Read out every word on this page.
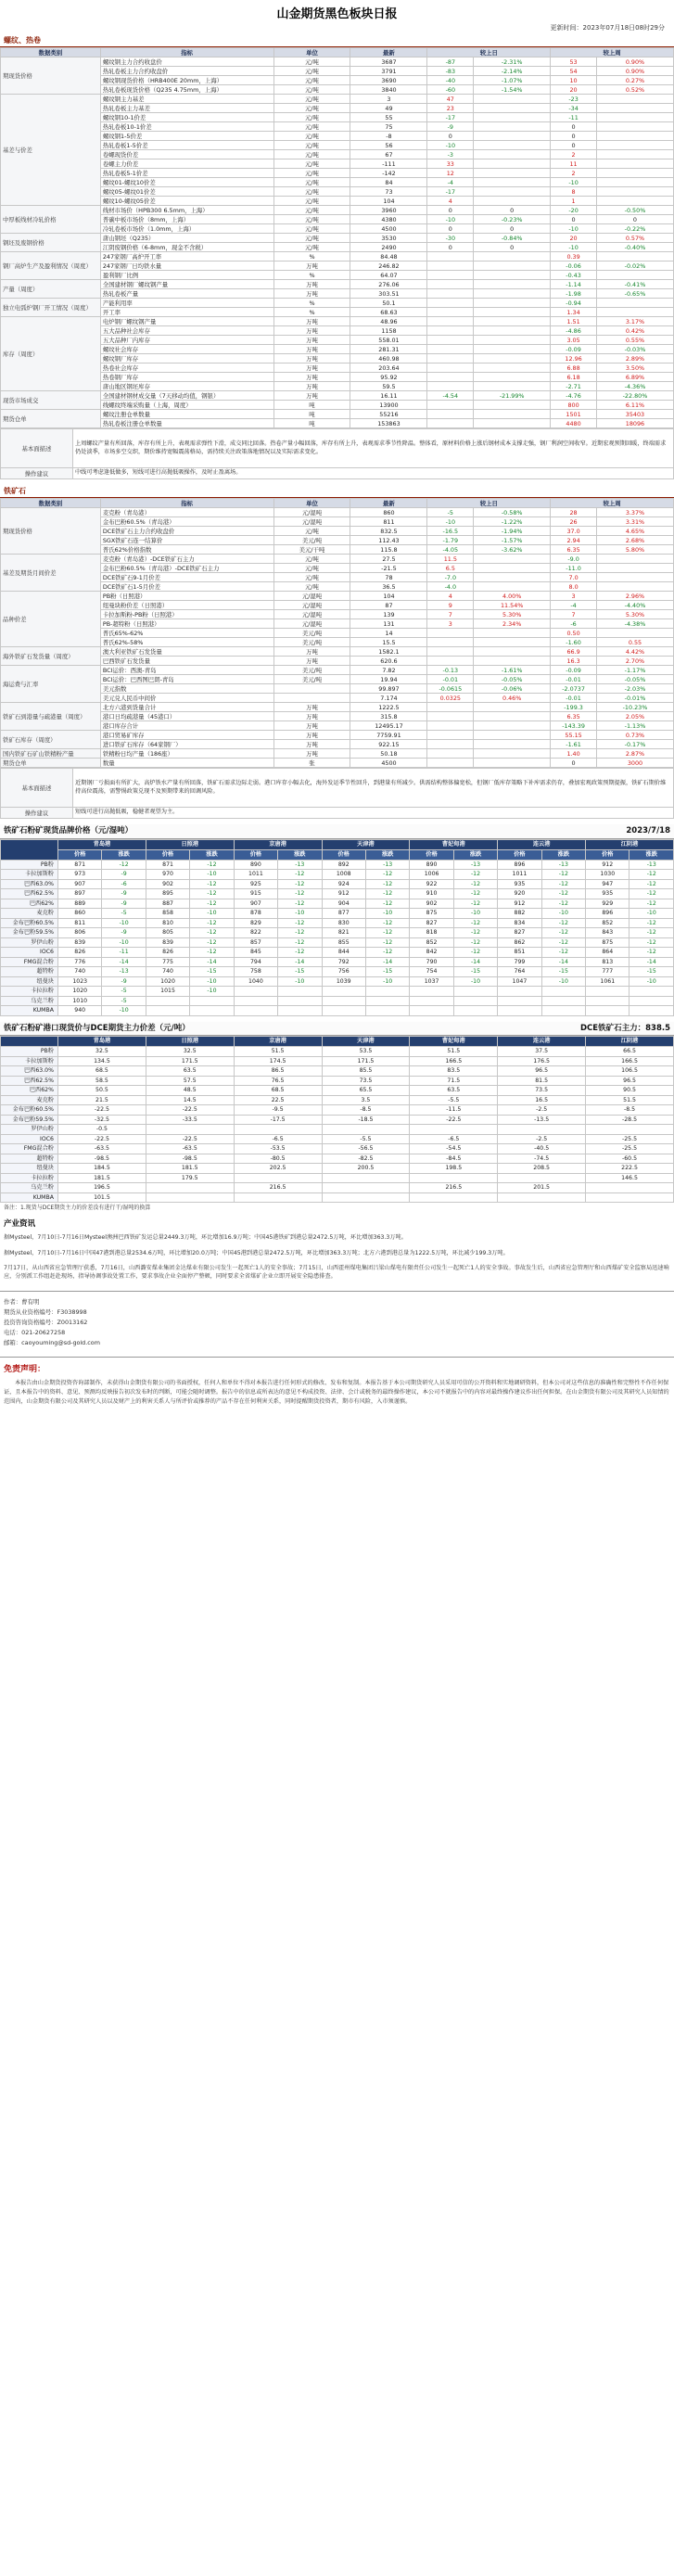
山金期货黑色板块日报
更新时间：2023年07月18日08时29分
螺纹、热卷
数据类别	指标	单位	最新	较上日		较上周	
期现货价格	螺纹钢主力合约收盘价	元/吨	3687	-87	-2.31%	53	0.90%
	热轧卷板主力合约收盘价	元/吨	3791	-83	-2.14%	54	0.90%
	螺纹钢现货价格（HRB400E 20mm，上海）	元/吨	3690	-40	-1.07%	10	0.27%
	热轧卷板现货价格（Q235 4.75mm，上海）	元/吨	3840	-60	-1.54%	20	0.52%
基差与价差	螺纹钢主力基差	元/吨	3	47		-23	
	热轧卷板主力基差	元/吨	49	23		-34	
	螺纹钢10-1价差	元/吨	55	-17		-11	
	热轧卷板10-1价差	元/吨	75	-9		0	
	螺纹钢1-5价差	元/吨	-8	0		0	
	热轧卷板1-5价差	元/吨	56	-10		0	
	卷螺现货价差	元/吨	67	-3		2	
	卷螺主力价差	元/吨	-111	33		11	
	热轧卷板5-1价差	元/吨	-142	12		2	
	螺纹01-螺纹10价差	元/吨	84	-4		-10	
	螺纹05-螺纹01价差	元/吨	73	-17		8	
	螺纹10-螺纹05价差	元/吨	104	4		1	
中厚板线材冷轧价格	线材市场价（HPB300 6.5mm，上海）	元/吨	3960	0	0	-20	-0.50%
	普碳中板市场价（8mm，上海）	元/吨	4380	-10	-0.23%	0	0
	冷轧卷板市场价（1.0mm，上海）	元/吨	4500	0	0	-10	-0.22%
钢坯及废钢价格	唐山钢坯（Q235）	元/吨	3530	-30	-0.84%	20	0.57%
	江阴废钢价格（6-8mm，现金不含税）	元/吨	2490	0	0	-10	-0.40%
钢厂高炉生产及盈利情况（周度）	247家钢厂高炉开工率	%	84.48			0.39	
	247家钢厂日均铁水量	万吨	246.82			-0.06	-0.02%
	盈利钢厂比例	%	64.07			-0.43	
产量（周度）	全国建材钢厂螺纹钢产量	万吨	276.06			-1.14	-0.41%
	热轧卷板产量	万吨	303.51			-1.98	-0.65%
独立电弧炉钢厂开工情况（周度）	产能利用率	%	50.1			-0.94	
	开工率	%	68.63			1.34	
库存（周度）	电炉钢厂螺纹钢产量	万吨	48.96			1.51	3.17%
	五大品种社会库存	万吨	1158			-4.86	0.42%
	五大品种厂内库存	万吨	558.01			3.05	0.55%
	螺纹社会库存	万吨	281.31			-0.09	-0.03%
	螺纹钢厂库存	万吨	460.98			12.96	2.89%
	热卷社会库存	万吨	203.64			6.88	3.50%
	热卷钢厂库存	万吨	95.92			6.18	6.89%
	唐山地区钢坯库存	万吨	59.5			-2.71	-4.36%
现货市场成交	全国建材钢材成交量（7天移动均值，钢银）	万吨	16.11	-4.54	-21.99%	-4.76	-22.80%
	线螺纹终端采购量（上海，周度）	吨	13900			800	6.11%
期货仓单	螺纹注册仓单数量	吨	55216			1501	35403
	热轧卷板注册仓单数量	吨	153863			4480	18096
基本面描述	上周螺纹产量有所回落，库存有所上升，表观需求弹性下滑，成交同比回落。热卷产量小幅回落，库存有所上升，表观需求季节性降温。整体看，原材料价格上涨后钢材成本支撑走强，钢厂利润空间收窄。近期宏观预期回暖，终端需求仍处淡季，市场多空交织，期价维持宽幅震荡格局，需持续关注政策落地情况以及实际需求变化。
操作建议	中线可考虑逢低做多，短线可进行高抛低吸操作，及时止盈离场。
铁矿石
数据类别	指标	单位	最新	较上日		较上周	
期现货价格	麦克粉（青岛港）	元/湿吨	860	-5	-0.58%	28	3.37%
	金布巴粉60.5%（青岛港）	元/湿吨	811	-10	-1.22%	26	3.31%
	DCE铁矿石主力合约收盘价	元/吨	832.5	-16.5	-1.94%	37.0	4.65%
	SGX铁矿石连一结算价	美元/吨	112.43	-1.79	-1.57%	2.94	2.68%
	普氏62%价格指数	美元/干吨	115.8	-4.05	-3.62%	6.35	5.80%
基差及期货月间价差	麦克粉（青岛港）-DCE铁矿石主力	元/吨	27.5	11.5		-9.0	
	金布巴粉60.5%（青岛港）-DCE铁矿石主力	元/吨	-21.5	6.5		-11.0	
	DCE铁矿石9-1月价差	元/吨	78	-7.0		7.0	
	DCE铁矿石1-5月价差	元/吨	36.5	-4.0		8.0	
品种价差	PB粉（日照港）	元/湿吨	104	4	4.00%	3	2.96%
	纽曼块粉价差（日照港）	元/湿吨	87	9	11.54%	-4	-4.40%
	卡拉加斯粉-PB粉（日照港）	元/湿吨	139	7	5.30%	7	5.30%
	PB-超特粉（日照港）	元/湿吨	131	3	2.34%	-6	-4.38%
	普氏65%-62%	美元/吨	14			0.50	
	普氏62%-58%	美元/吨	15.5			-1.60	0.55
海外铁矿石发货量（周度）	澳大利亚铁矿石发货量	万吨	1582.1			66.9	4.42%
	巴西铁矿石发货量	万吨	620.6			16.3	2.70%
海运费与汇率	BCI运价：西澳-青岛	美元/吨	7.82	-0.13	-1.61%	-0.09	-1.17%
	BCI运价：巴西图巴朗-青岛	美元/吨	19.94	-0.01	-0.05%	-0.01	-0.05%
	美元指数		99.897	-0.0615	-0.06%	-2.0737	-2.03%
	美元兑人民币中间价		7.174	0.0325	0.46%	-0.01	-0.01%
铁矿石到港量与疏港量（周度）	北方六港到货量合计	万吨	1222.5			-199.3	-10.23%
	港口日均疏港量（45港口）	万吨	315.8			6.35	2.05%
	港口库存合计	万吨	12495.17			-143.39	-1.13%
铁矿石库存（周度）	港口贸易矿库存	万吨	7759.91			55.15	0.73%
	进口铁矿石库存（64家钢厂）	万吨	922.15			-1.61	-0.17%
国内铁矿石矿山铁精粉产量	铁精粉日均产量（186座）	万吨	50.18			1.40	2.87%
期货仓单	数量	张	4500			0	3000
基本面描述	近期钢厂亏损面有所扩大，高炉铁水产量有所回落，铁矿石需求边际走弱。港口库存小幅去化，海外发运季节性回升，到港量有所减少。供需结构整体偏宽松，但钢厂低库存策略下补库需求仍存，叠加宏观政策预期提振，铁矿石期价维持高位震荡，需警惕政策兑现不及预期带来的回调风险。
操作建议	短线可进行高抛低吸，稳健者观望为主。
铁矿石粉矿现货品牌价格（元/湿吨）	2023/7/18
	青岛港		日照港		京唐港		天津港		曹妃甸港		连云港		江阴港	
	价格	涨跌	价格	涨跌	价格	涨跌	价格	涨跌	价格	涨跌	价格	涨跌	价格	涨跌
PB粉	871	-12	871	-12	890	-13	892	-13	890	-13	896	-13	912	-13
卡拉加斯粉	973	-9	970	-10	1011	-12	1008	-12	1006	-12	1011	-12	1030	-12
巴西63.0%	907	-6	902	-12	925	-12	924	-12	922	-12	935	-12	947	-12
巴西62.5%	897	-9	895	-12	915	-12	912	-12	910	-12	920	-12	935	-12
巴西62%	889	-9	887	-12	907	-12	904	-12	902	-12	912	-12	929	-12
麦克粉	860	-5	858	-10	878	-10	877	-10	875	-10	882	-10	896	-10
金布巴粉60.5%	811	-10	810	-12	829	-12	830	-12	827	-12	834	-12	852	-12
金布巴粉59.5%	806	-9	805	-12	822	-12	821	-12	818	-12	827	-12	843	-12
罗伊山粉	839	-10	839	-12	857	-12	855	-12	852	-12	862	-12	875	-12
IOC6	826	-11	826	-12	845	-12	844	-12	842	-12	851	-12	864	-12
FMG混合粉	776	-14	775	-14	794	-14	792	-14	790	-14	799	-14	813	-14
超特粉	740	-13	740	-15	758	-15	756	-15	754	-15	764	-15	777	-15
纽曼块	1023	-9	1020	-10	1040	-10	1039	-10	1037	-10	1047	-10	1061	-10
卡拉拉粉	1020	-5	1015	-10										
乌克兰粉	1010	-5												
KUMBA	940	-10												
铁矿石粉矿港口现货价与DCE期货主力价差（元/吨）	DCE铁矿石主力：838.5
	青岛港	日照港	京唐港	天津港	曹妃甸港	连云港	江阴港
PB粉	32.5	32.5	51.5	53.5	51.5	37.5	66.5
卡拉加斯粉	134.5	171.5	174.5	171.5	166.5	176.5	166.5
巴西63.0%	68.5	63.5	86.5	85.5	83.5	96.5	106.5
巴西62.5%	58.5	57.5	76.5	73.5	71.5	81.5	96.5
巴西62%	50.5	48.5	68.5	65.5	63.5	73.5	90.5
麦克粉	21.5	14.5	22.5	3.5	-5.5	16.5	51.5
金布巴粉60.5%	-22.5	-22.5	-9.5	-8.5	-11.5	-2.5	-8.5
金布巴粉59.5%	-32.5	-33.5	-17.5	-18.5	-22.5	-13.5	-28.5
罗伊山粉	-0.5						
IOC6	-22.5	-22.5	-6.5	-5.5	-6.5	-2.5	-25.5
FMG混合粉	-63.5	-63.5	-53.5	-56.5	-54.5	-40.5	-25.5
超特粉	-98.5	-98.5	-80.5	-82.5	-84.5	-74.5	-60.5
纽曼块	184.5	181.5	202.5	200.5	198.5	208.5	222.5
卡拉拉粉	181.5	179.5					146.5
乌克兰粉	196.5		216.5		216.5	201.5	
KUMBA	101.5						
备注：1.现货与DCE期货主力的价差没有进行干/湿吨的换算
产业资讯

据Mysteel，7月10日-7月16日Mysteel澳洲巴西铁矿发运总量2449.3万吨，环比增加16.9万吨；中国45港铁矿到港总量2472.5万吨，环比增加363.3万吨。

据Mysteel，7月10日-7月16日中国47港到港总量2534.6万吨，环比增加20.0万吨；中国45港到港总量2472.5万吨，环比增加363.3万吨；北方六港到港总量为1222.5万吨，环比减少199.3万吨。

7月17日，从山西省应急管理厅获悉，7月16日，山西潞安煤业集团金达煤业有限公司发生一起死亡1人的安全事故；7月15日，山西霍州煤电集团吕梁山煤电有限责任公司发生一起死亡1人的安全事故。事故发生后，山西省应急管理厅和山西煤矿安全监察局迅速响应，分别派工作组赶赴现场，指导协调事故处置工作，要求事故企业全面停产整顿，同时要求全省煤矿企业立即开展安全隐患排查。

作者：曹有明
期货从业资格编号：F3038998
投资咨询资格编号：Z0013162
电话：021-20627258
邮箱：caoyouming@sd-gold.com
免责声明：

本报告由山金期货投资咨询部制作，未获得山金期货有限公司的书面授权，任何人和单位不得对本报告进行任何形式的修改、发布和复制。本报告基于本公司期货研究人员采用可信的公开资料和实地调研资料，但本公司对这些信息的准确性和完整性不作任何保证，且本报告中的资料、意见、预测均反映报告初次发布时的判断，可能会随时调整。报告中的信息或所表达的意见不构成投资、法律、会计或税务的最终操作建议，本公司不就报告中的内容对最终操作建议作出任何担保。在山金期货有限公司及其研究人员知情的范围内，山金期货有限公司及其研究人员以及财产上的利害关系人与所评价或推荐的产品不存在任何利害关系，同时提醒期货投资者，期市有风险，入市须谨慎。
